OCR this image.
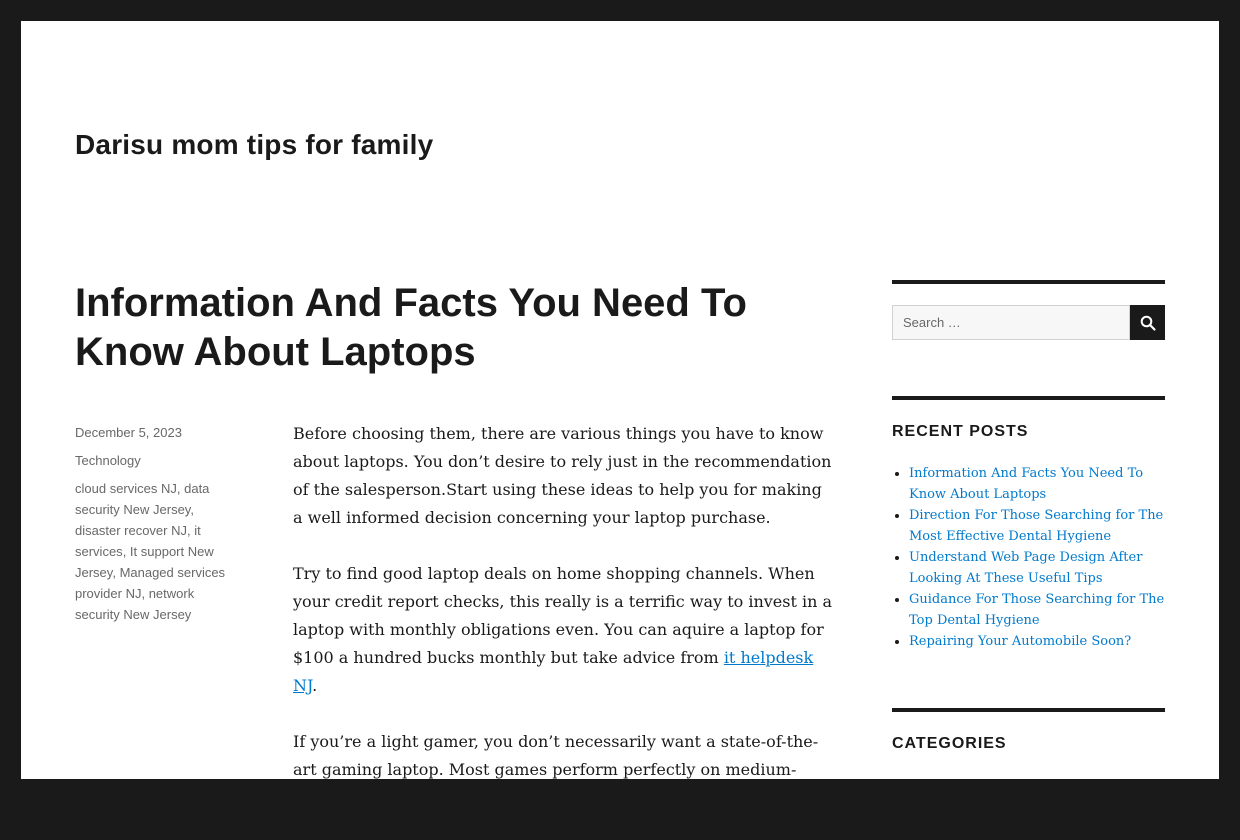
Darisu mom tips for family
Information And Facts You Need To Know About Laptops
December 5, 2023
Technology
cloud services NJ, data security New Jersey, disaster recover NJ, it services, It support New Jersey, Managed services provider NJ, network security New Jersey

Before choosing them, there are various things you have to know about laptops. You don’t desire to rely just in the recommendation of the salesperson.Start using these ideas to help you for making a well informed decision concerning your laptop purchase.

Try to find good laptop deals on home shopping channels. When your credit report checks, this really is a terrific way to invest in a laptop with monthly obligations even. You can aquire a laptop for $100 a hundred bucks monthly but take advice from it helpdesk NJ.

If you’re a light gamer, you don’t necessarily want a state-of-the-art gaming laptop. Most games perform perfectly on medium-level laptops. You simply need a gaming laptop has.

Search …
RECENT POSTS
• Information And Facts You Need To Know About Laptops
• Direction For Those Searching for The Most Effective Dental Hygiene
• Understand Web Page Design After Looking At These Useful Tips
• Guidance For Those Searching for The Top Dental Hygiene
• Repairing Your Automobile Soon?
CATEGORIES
